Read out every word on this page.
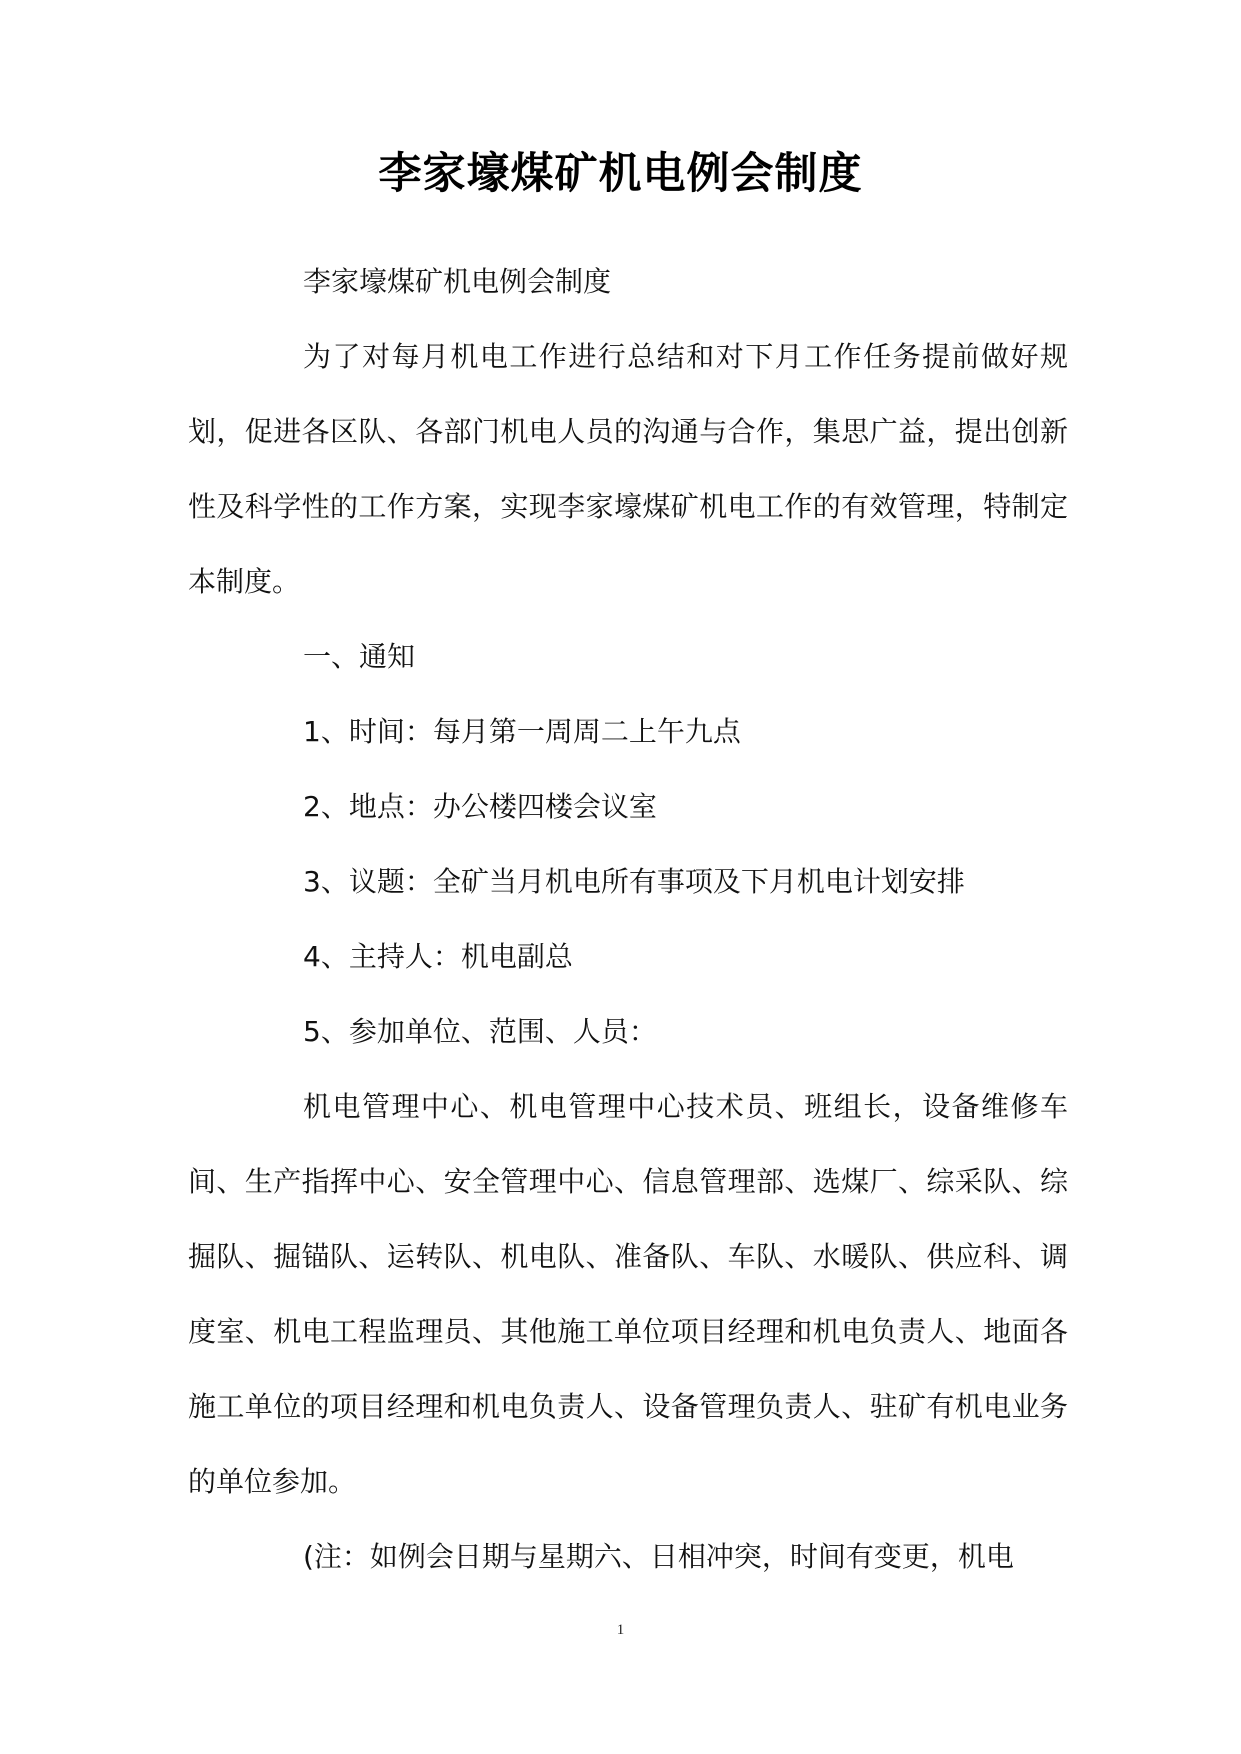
李家壕煤矿机电例会制度

李家壕煤矿机电例会制度

为了对每月机电工作进行总结和对下月工作任务提前做好规划，促进各区队、各部门机电人员的沟通与合作，集思广益，提出创新性及科学性的工作方案，实现李家壕煤矿机电工作的有效管理，特制定本制度。

一、通知

1、时间：每月第一周周二上午九点

2、地点：办公楼四楼会议室

3、议题：全矿当月机电所有事项及下月机电计划安排

4、主持人：机电副总

5、参加单位、范围、人员：

机电管理中心、机电管理中心技术员、班组长，设备维修车间、生产指挥中心、安全管理中心、信息管理部、选煤厂、综采队、综掘队、掘锚队、运转队、机电队、准备队、车队、水暖队、供应科、调度室、机电工程监理员、其他施工单位项目经理和机电负责人、地面各施工单位的项目经理和机电负责人、设备管理负责人、驻矿有机电业务的单位参加。

(注：如例会日期与星期六、日相冲突，时间有变更，机电

1
